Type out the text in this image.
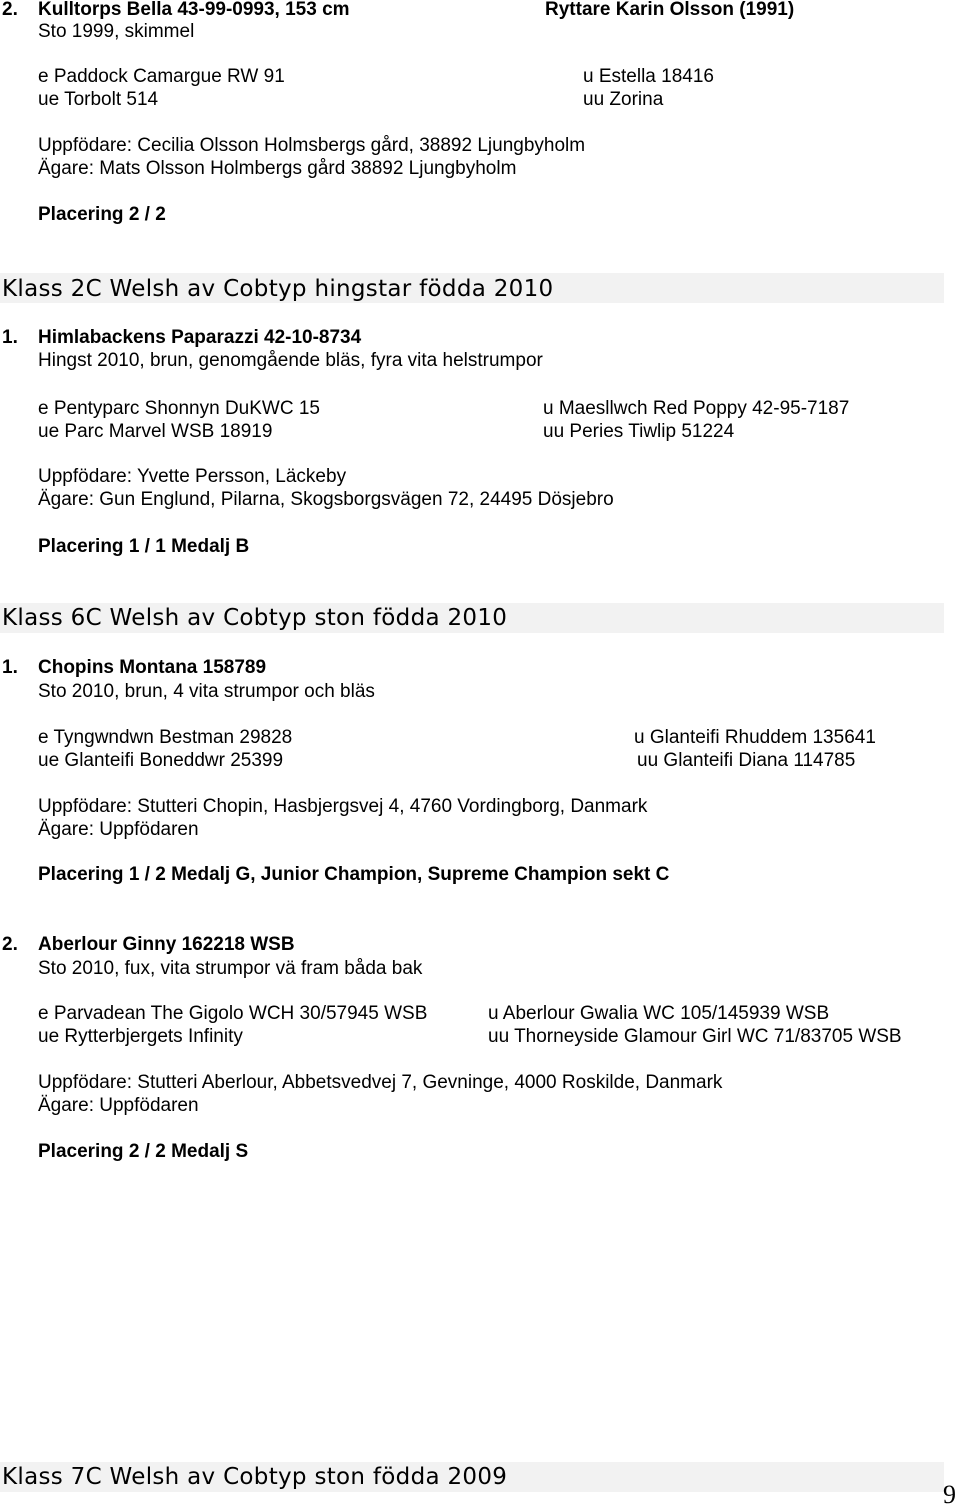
2. Kulltorps Bella 43-99-0993, 153 cm	Ryttare Karin Olsson (1991)
Sto 1999, skimmel
e Paddock Camargue RW 91	u Estella 18416
ue Torbolt 514	uu Zorina
Uppfödare: Cecilia Olsson Holmsbergs gård, 38892 Ljungbyholm
Ägare: Mats Olsson Holmbergs gård 38892 Ljungbyholm
Placering 2 / 2
Klass 2C Welsh av Cobtyp hingstar födda 2010
1. Himlabackens Paparazzi 42-10-8734
Hingst 2010, brun, genomgående bläs, fyra vita helstrumpor
e Pentyparc Shonnyn DuKWC 15	u Maesllwch Red Poppy 42-95-7187
ue Parc Marvel WSB 18919	uu Peries Tiwlip 51224
Uppfödare: Yvette Persson, Läckeby
Ägare: Gun Englund, Pilarna, Skogsborgsvägen 72, 24495 Dösjebro
Placering 1 / 1 Medalj B
Klass 6C Welsh av Cobtyp ston födda 2010
1. Chopins Montana 158789
Sto 2010, brun, 4 vita strumpor och bläs
e Tyngwndwn Bestman 29828	u Glanteifi Rhuddem 135641
ue Glanteifi Boneddwr 25399	uu Glanteifi Diana 114785
Uppfödare: Stutteri Chopin, Hasbjergsvej 4, 4760 Vordingborg, Danmark
Ägare: Uppfödaren
Placering 1 / 2 Medalj G, Junior Champion, Supreme Champion sekt C
2. Aberlour Ginny 162218 WSB
Sto 2010, fux, vita strumpor vä fram båda bak
e Parvadean The Gigolo WCH 30/57945 WSB	u Aberlour Gwalia WC 105/145939 WSB
ue Rytterbjergets Infinity	uu Thorneyside Glamour Girl WC 71/83705 WSB
Uppfödare: Stutteri Aberlour, Abbetsvedvej 7, Gevninge, 4000 Roskilde, Danmark
Ägare: Uppfödaren
Placering 2 / 2 Medalj S
Klass 7C Welsh av Cobtyp ston födda 2009
9
